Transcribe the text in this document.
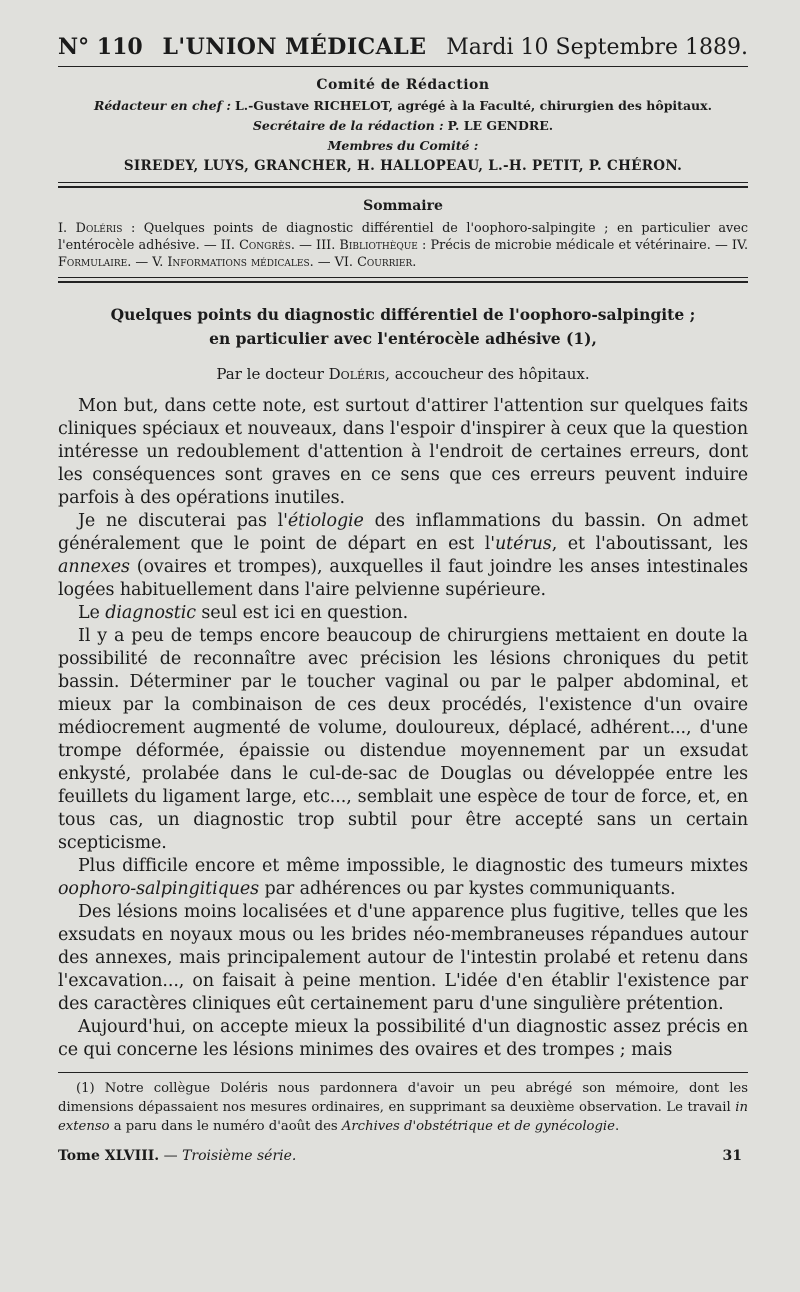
N° 110 L'UNION MÉDICALE Mardi 10 Septembre 1889.
Comité de Rédaction
Rédacteur en chef : L.-Gustave RICHELOT, agrégé à la Faculté, chirurgien des hôpitaux.
Secrétaire de la rédaction : P. LE GENDRE.
Membres du Comité :
SIREDEY, LUYS, GRANCHER, H. HALLOPEAU, L.-H. PETIT, P. CHÉRON.
Sommaire
I. Doléris : Quelques points de diagnostic différentiel de l'oophoro-salpingite ; en particulier avec l'entérocèle adhésive. — II. Congrès. — III. Bibliothèque : Précis de microbie médicale et vétérinaire. — IV. Formulaire. — V. Informations médicales. — VI. Courrier.
Quelques points du diagnostic différentiel de l'oophoro-salpingite ;
en particulier avec l'entérocèle adhésive (1),
Par le docteur Doléris, accoucheur des hôpitaux.

Mon but, dans cette note, est surtout d'attirer l'attention sur quelques faits cliniques spéciaux et nouveaux, dans l'espoir d'inspirer à ceux que la question intéresse un redoublement d'attention à l'endroit de certaines erreurs, dont les conséquences sont graves en ce sens que ces erreurs peuvent induire parfois à des opérations inutiles.

Je ne discuterai pas l'étiologie des inflammations du bassin. On admet généralement que le point de départ en est l'utérus, et l'aboutissant, les annexes (ovaires et trompes), auxquelles il faut joindre les anses intestinales logées habituellement dans l'aire pelvienne supérieure.

Le diagnostic seul est ici en question.

Il y a peu de temps encore beaucoup de chirurgiens mettaient en doute la possibilité de reconnaître avec précision les lésions chroniques du petit bassin. Déterminer par le toucher vaginal ou par le palper abdominal, et mieux par la combinaison de ces deux procédés, l'existence d'un ovaire médiocrement augmenté de volume, douloureux, déplacé, adhérent..., d'une trompe déformée, épaissie ou distendue moyennement par un exsudat enkysté, prolabée dans le cul-de-sac de Douglas ou développée entre les feuillets du ligament large, etc..., semblait une espèce de tour de force, et, en tous cas, un diagnostic trop subtil pour être accepté sans un certain scepticisme.

Plus difficile encore et même impossible, le diagnostic des tumeurs mixtes oophoro-salpingitiques par adhérences ou par kystes communiquants.

Des lésions moins localisées et d'une apparence plus fugitive, telles que les exsudats en noyaux mous ou les brides néo-membraneuses répandues autour des annexes, mais principalement autour de l'intestin prolabé et retenu dans l'excavation..., on faisait à peine mention. L'idée d'en établir l'existence par des caractères cliniques eût certainement paru d'une singulière prétention.

Aujourd'hui, on accepte mieux la possibilité d'un diagnostic assez précis en ce qui concerne les lésions minimes des ovaires et des trompes ; mais

(1) Notre collègue Doléris nous pardonnera d'avoir un peu abrégé son mémoire, dont les dimensions dépassaient nos mesures ordinaires, en supprimant sa deuxième observation. Le travail in extenso a paru dans le numéro d'août des Archives d'obstétrique et de gynécologie.
Tome XLVIII. — Troisième série.	31
